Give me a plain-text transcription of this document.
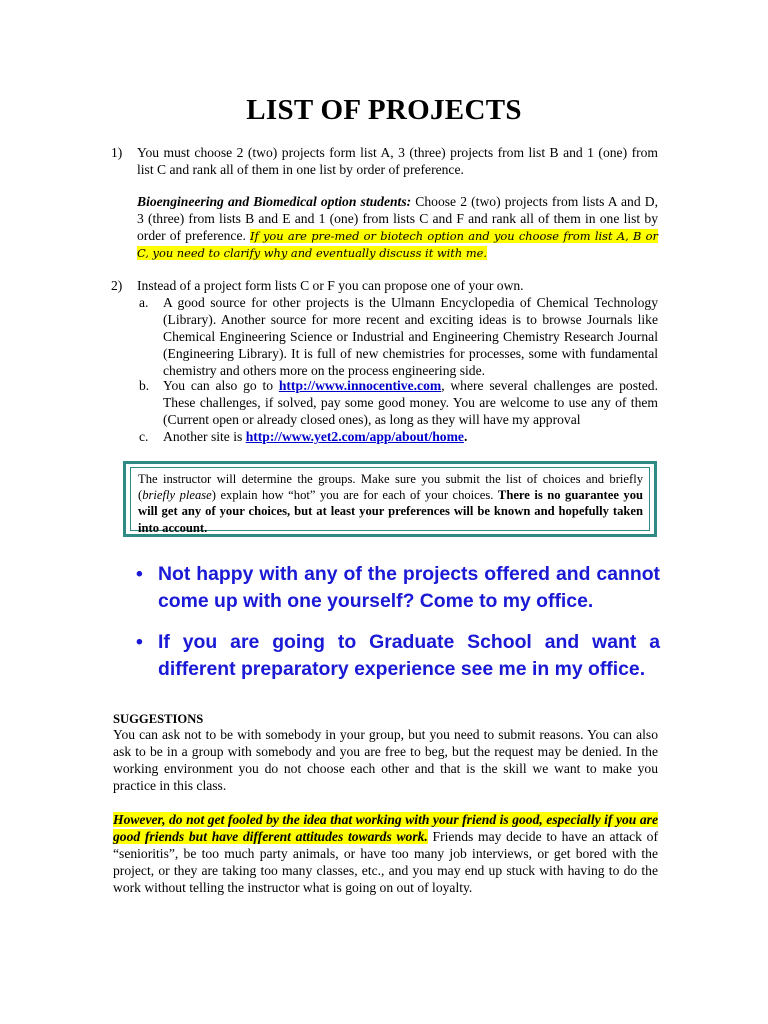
LIST OF PROJECTS
1) You must choose 2 (two) projects form list A, 3 (three) projects from list B and 1 (one) from list C and rank all of them in one list by order of preference.
Bioengineering and Biomedical option students: Choose 2 (two) projects from lists A and D, 3 (three) from lists B and E and 1 (one) from lists C and F and rank all of them in one list by order of preference. If you are pre-med or biotech option and you choose from list A, B or C, you need to clarify why and eventually discuss it with me.
2) Instead of a project form lists C or F you can propose one of your own.
a. A good source for other projects is the Ulmann Encyclopedia of Chemical Technology (Library). Another source for more recent and exciting ideas is to browse Journals like Chemical Engineering Science or Industrial and Engineering Chemistry Research Journal (Engineering Library). It is full of new chemistries for processes, some with fundamental chemistry and others more on the process engineering side.
b. You can also go to http://www.innocentive.com, where several challenges are posted. These challenges, if solved, pay some good money. You are welcome to use any of them (Current open or already closed ones), as long as they will have my approval
c. Another site is http://www.yet2.com/app/about/home.
The instructor will determine the groups. Make sure you submit the list of choices and briefly (briefly please) explain how “hot” you are for each of your choices. There is no guarantee you will get any of your choices, but at least your preferences will be known and hopefully taken into account.
• Not happy with any of the projects offered and cannot come up with one yourself? Come to my office.
• If you are going to Graduate School and want a different preparatory experience see me in my office.
SUGGESTIONS
You can ask not to be with somebody in your group, but you need to submit reasons. You can also ask to be in a group with somebody and you are free to beg, but the request may be denied. In the working environment you do not choose each other and that is the skill we want to make you practice in this class.
However, do not get fooled by the idea that working with your friend is good, especially if you are good friends but have different attitudes towards work. Friends may decide to have an attack of “senioritis”, be too much party animals, or have too many job interviews, or get bored with the project, or they are taking too many classes, etc., and you may end up stuck with having to do the work without telling the instructor what is going on out of loyalty.
